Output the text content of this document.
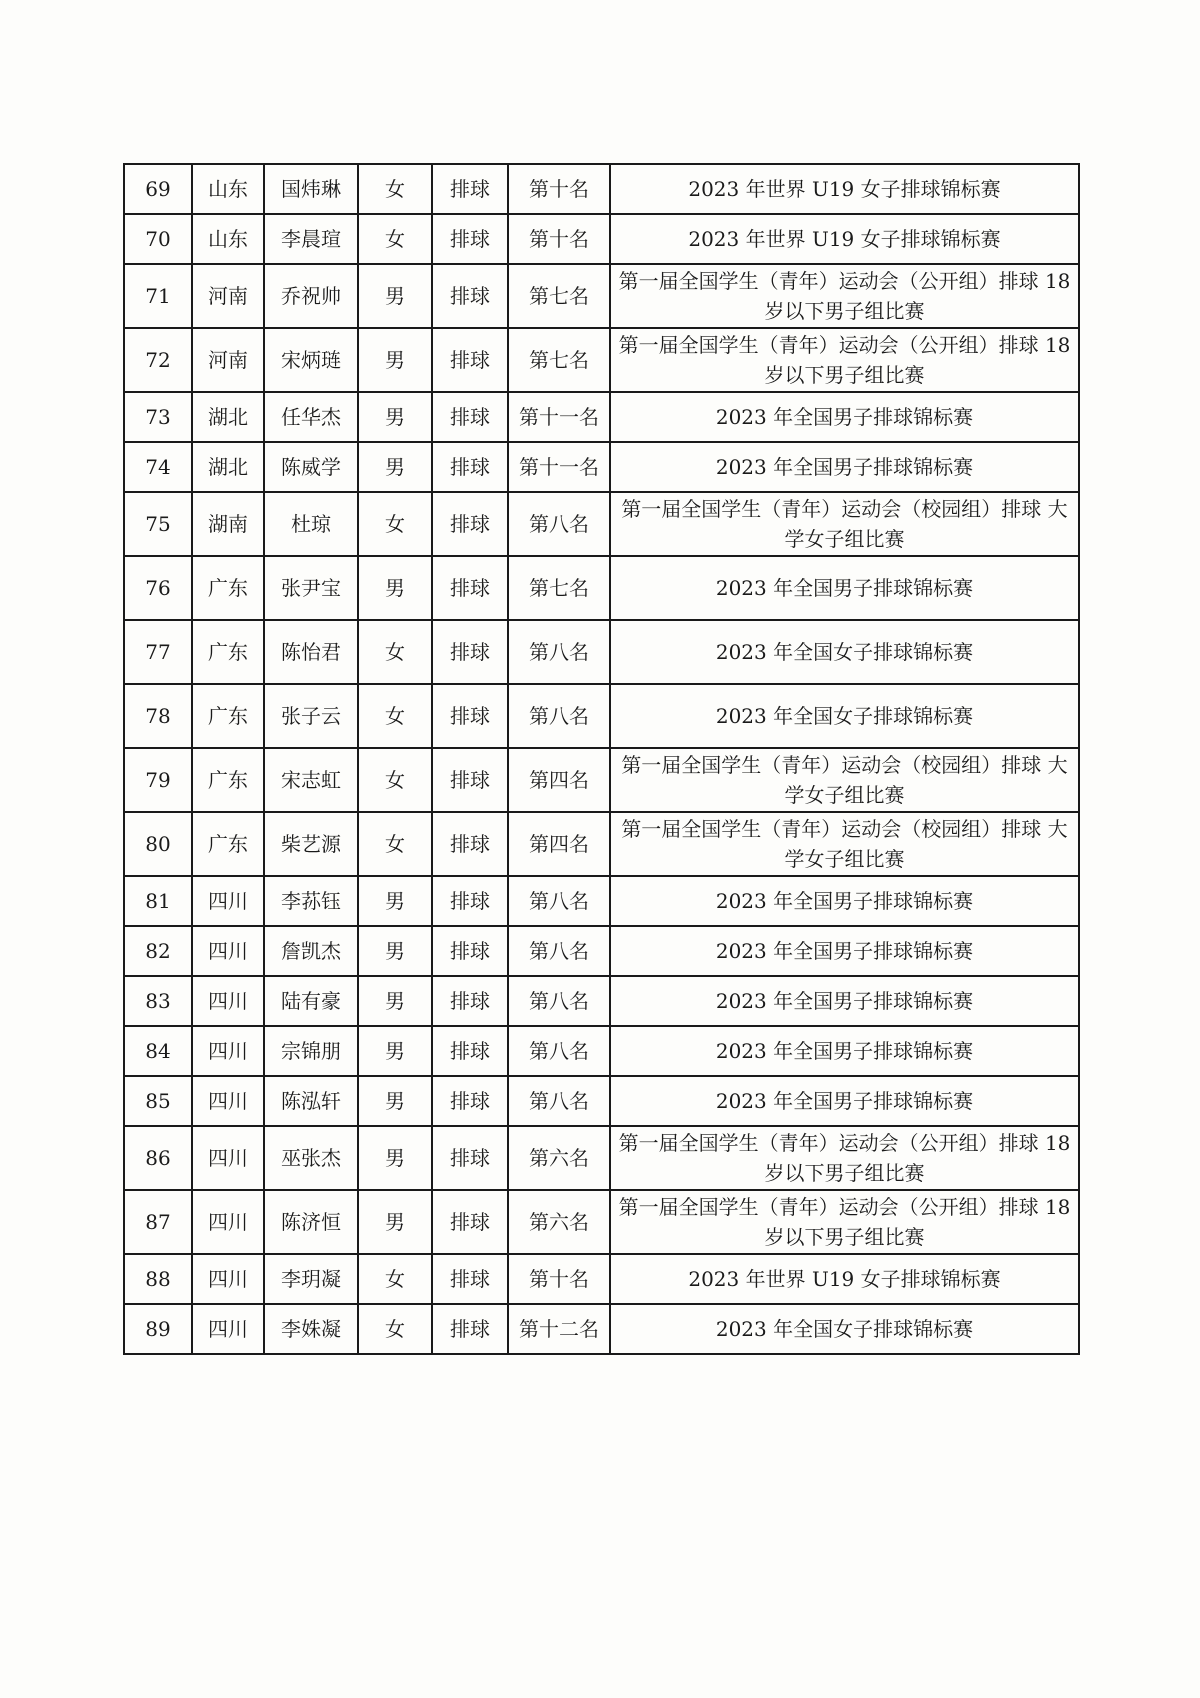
69	山东	国炜琳	女	排球	第十名	2023 年世界 U19 女子排球锦标赛
70	山东	李晨瑄	女	排球	第十名	2023 年世界 U19 女子排球锦标赛
71	河南	乔祝帅	男	排球	第七名	第一届全国学生（青年）运动会（公开组）排球 18 岁以下男子组比赛
72	河南	宋炳琏	男	排球	第七名	第一届全国学生（青年）运动会（公开组）排球 18 岁以下男子组比赛
73	湖北	任华杰	男	排球	第十一名	2023 年全国男子排球锦标赛
74	湖北	陈威学	男	排球	第十一名	2023 年全国男子排球锦标赛
75	湖南	杜琼	女	排球	第八名	第一届全国学生（青年）运动会（校园组）排球 大学女子组比赛
76	广东	张尹宝	男	排球	第七名	2023 年全国男子排球锦标赛
77	广东	陈怡君	女	排球	第八名	2023 年全国女子排球锦标赛
78	广东	张子云	女	排球	第八名	2023 年全国女子排球锦标赛
79	广东	宋志虹	女	排球	第四名	第一届全国学生（青年）运动会（校园组）排球 大学女子组比赛
80	广东	柴艺源	女	排球	第四名	第一届全国学生（青年）运动会（校园组）排球 大学女子组比赛
81	四川	李荪钰	男	排球	第八名	2023 年全国男子排球锦标赛
82	四川	詹凯杰	男	排球	第八名	2023 年全国男子排球锦标赛
83	四川	陆有豪	男	排球	第八名	2023 年全国男子排球锦标赛
84	四川	宗锦朋	男	排球	第八名	2023 年全国男子排球锦标赛
85	四川	陈泓轩	男	排球	第八名	2023 年全国男子排球锦标赛
86	四川	巫张杰	男	排球	第六名	第一届全国学生（青年）运动会（公开组）排球 18 岁以下男子组比赛
87	四川	陈济恒	男	排球	第六名	第一届全国学生（青年）运动会（公开组）排球 18 岁以下男子组比赛
88	四川	李玥凝	女	排球	第十名	2023 年世界 U19 女子排球锦标赛
89	四川	李姝凝	女	排球	第十二名	2023 年全国女子排球锦标赛
